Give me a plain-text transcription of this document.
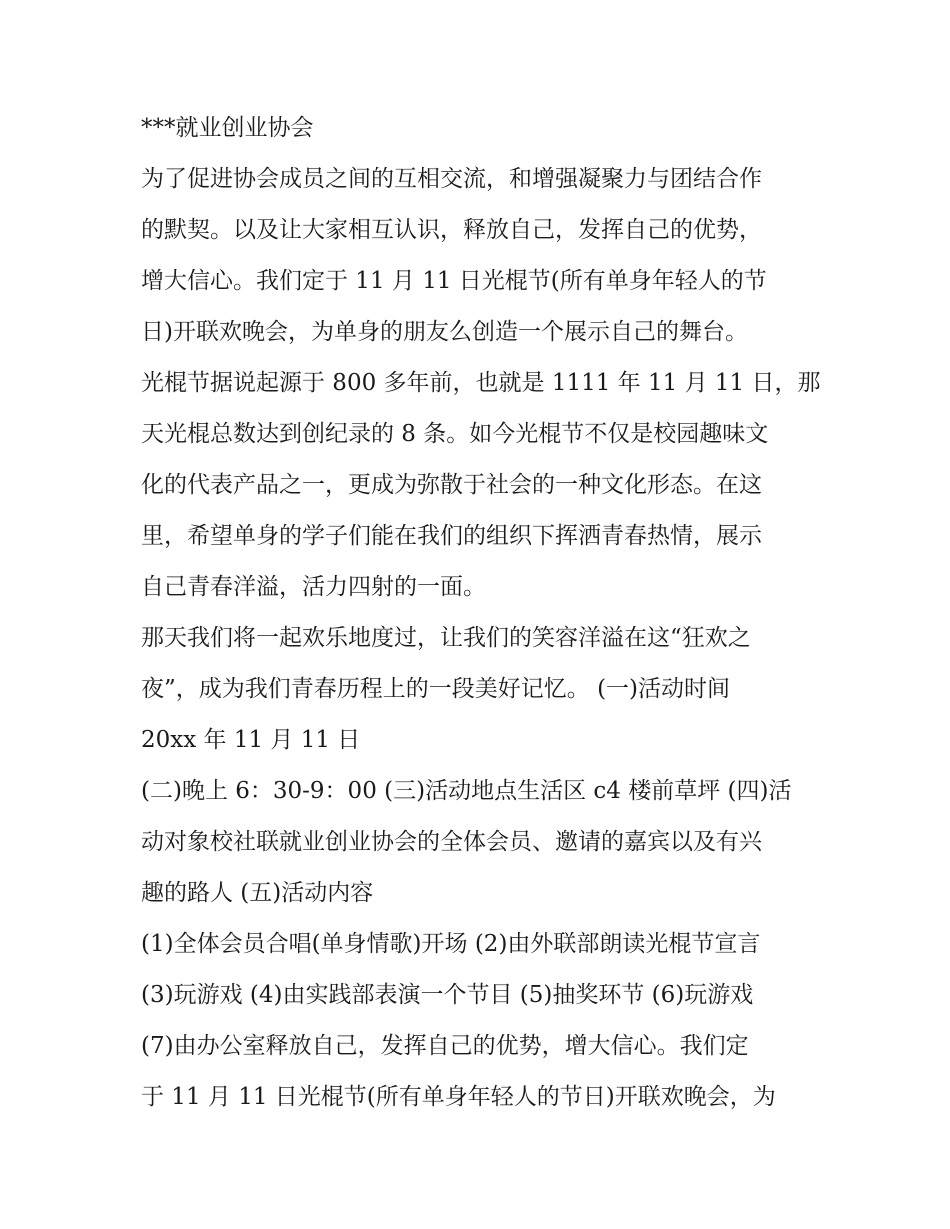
***就业创业协会
为了促进协会成员之间的互相交流，和增强凝聚力与团结合作
的默契。以及让大家相互认识，释放自己，发挥自己的优势，
增大信心。我们定于 11 月 11 日光棍节(所有单身年轻人的节
日)开联欢晚会，为单身的朋友么创造一个展示自己的舞台。
光棍节据说起源于 800 多年前，也就是 1111 年 11 月 11 日，那
天光棍总数达到创纪录的 8 条。如今光棍节不仅是校园趣味文
化的代表产品之一，更成为弥散于社会的一种文化形态。在这
里，希望单身的学子们能在我们的组织下挥洒青春热情，展示
自己青春洋溢，活力四射的一面。
那天我们将一起欢乐地度过，让我们的笑容洋溢在这“狂欢之
夜”，成为我们青春历程上的一段美好记忆。 (一)活动时间
20xx 年 11 月 11 日
(二)晚上 6：30-9：00 (三)活动地点生活区 c4 楼前草坪 (四)活
动对象校社联就业创业协会的全体会员、邀请的嘉宾以及有兴
趣的路人 (五)活动内容
(1)全体会员合唱(单身情歌)开场 (2)由外联部朗读光棍节宣言
(3)玩游戏 (4)由实践部表演一个节目 (5)抽奖环节 (6)玩游戏
(7)由办公室释放自己，发挥自己的优势，增大信心。我们定
于 11 月 11 日光棍节(所有单身年轻人的节日)开联欢晚会，为
